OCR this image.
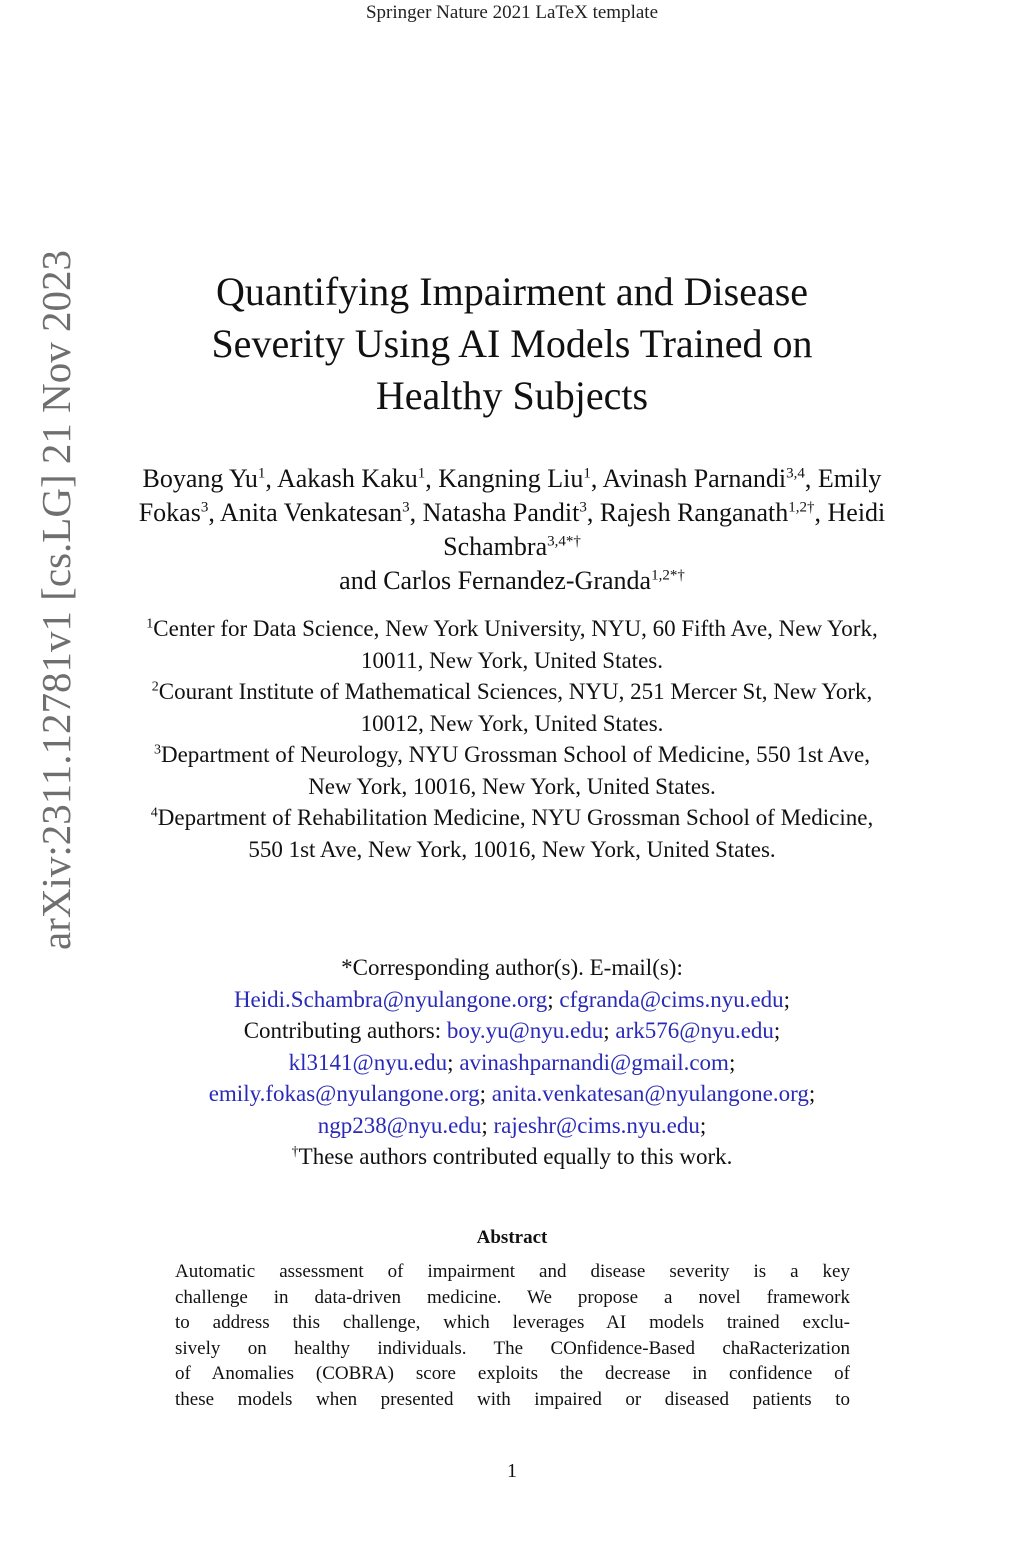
Springer Nature 2021 LaTeX template
arXiv:2311.12781v1 [cs.LG] 21 Nov 2023	Quantifying Impairment and Disease
Severity Using AI Models Trained on
Healthy Subjects
Boyang Yu$^1$, Aakash Kaku$^1$, Kangning Liu$^1$, Avinash Parnandi$^{3,4}$, Emily Fokas$^3$, Anita Venkatesan$^3$, Natasha Pandit$^3$, Rajesh Ranganath$^{1,2\dagger}$, Heidi Schambra$^{3,4*\dagger}$
and Carlos Fernandez-Granda$^{1,2*\dagger}$
$^1$Center for Data Science, New York University, NYU, 60 Fifth Ave, New York, 10011, New York, United States.
$^2$Courant Institute of Mathematical Sciences, NYU, 251 Mercer St, New York, 10012, New York, United States.
$^3$Department of Neurology, NYU Grossman School of Medicine, 550 1st Ave, New York, 10016, New York, United States.
$^4$Department of Rehabilitation Medicine, NYU Grossman School of Medicine, 550 1st Ave, New York, 10016, New York, United States.
*Corresponding author(s). E-mail(s):
Heidi.Schambra@nyulangone.org; cfgranda@cims.nyu.edu;
Contributing authors: boy.yu@nyu.edu; ark576@nyu.edu;
kl3141@nyu.edu; avinashparnandi@gmail.com;
emily.fokas@nyulangone.org; anita.venkatesan@nyulangone.org;
ngp238@nyu.edu; rajeshr@cims.nyu.edu;
†These authors contributed equally to this work.
Abstract
Automatic assessment of impairment and disease severity is a key
challenge in data-driven medicine. We propose a novel framework
to address this challenge, which leverages AI models trained exclu-
sively on healthy individuals. The COnfidence-Based chaRacterization
of Anomalies (COBRA) score exploits the decrease in confidence of
these models when presented with impaired or diseased patients to
1
